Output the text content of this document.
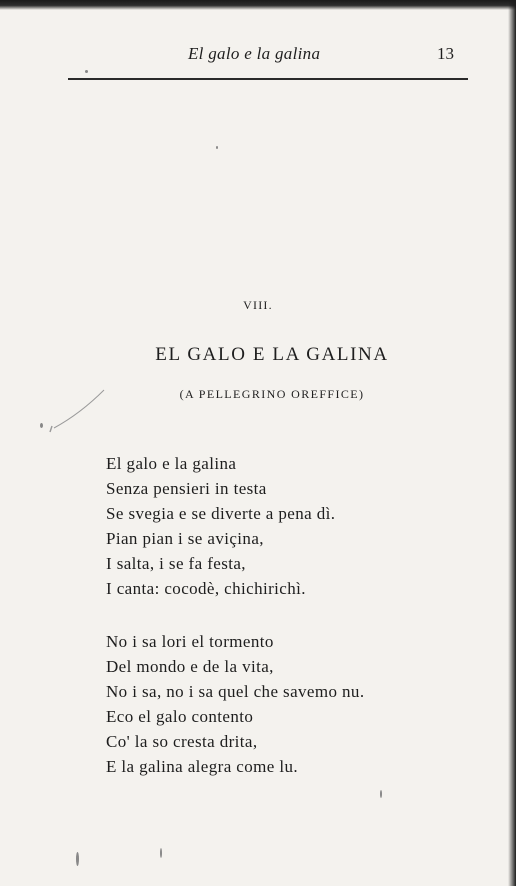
El galo e la galina	13
VIII.
EL GALO E LA GALINA
(A PELLEGRINO OREFFICE)
El galo e la galina
Senza pensieri in testa
Se svegia e se diverte a pena dì.
Pian pian i se aviçina,
I salta, i se fa festa,
I canta: cocodè, chichirichì.
No i sa lori el tormento
Del mondo e de la vita,
No i sa, no i sa quel che savemo nu.
Eco el galo contento
Co' la so cresta drita,
E la galina alegra come lu.
